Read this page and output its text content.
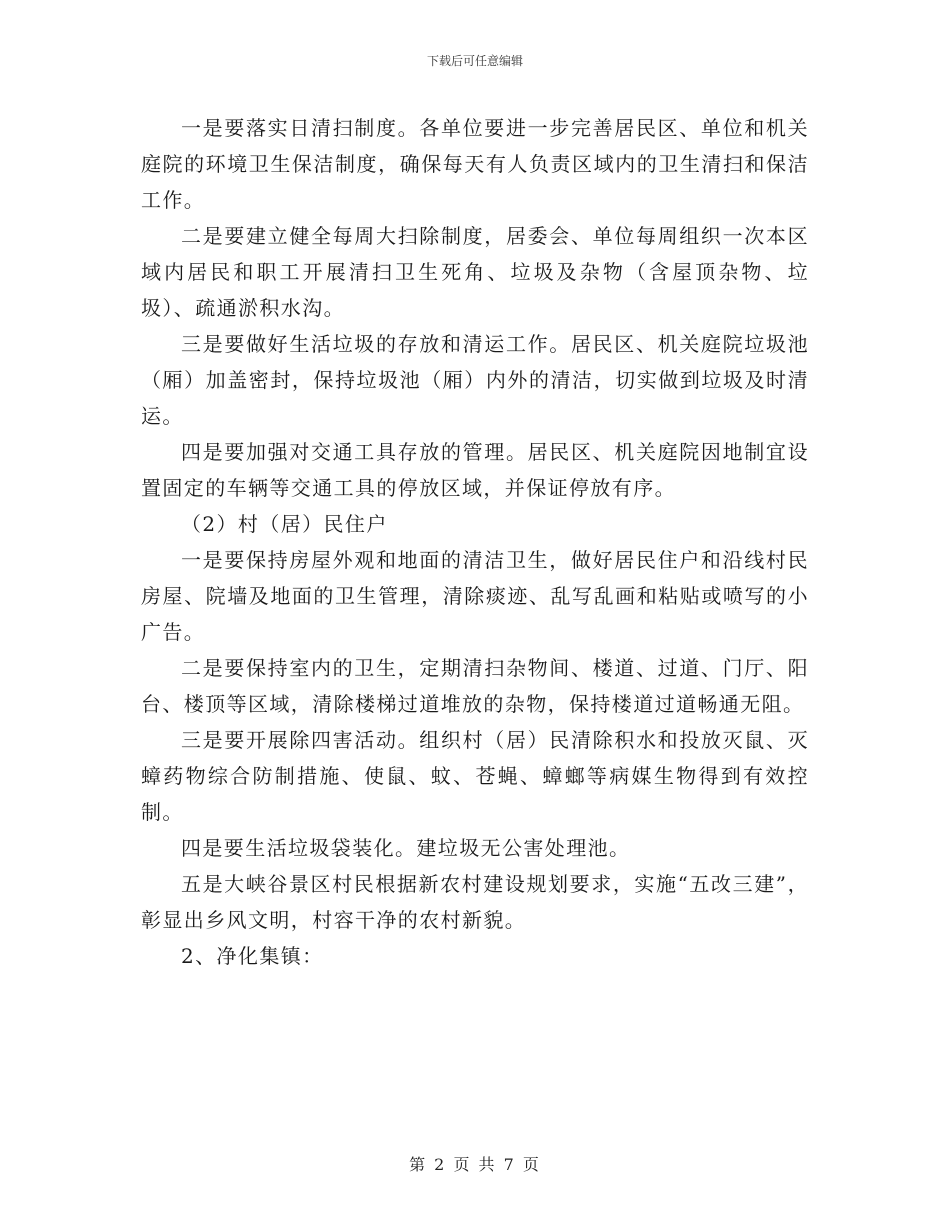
下载后可任意编辑

一是要落实日清扫制度。各单位要进一步完善居民区、单位和机关庭院的环境卫生保洁制度，确保每天有人负责区域内的卫生清扫和保洁工作。

二是要建立健全每周大扫除制度，居委会、单位每周组织一次本区域内居民和职工开展清扫卫生死角、垃圾及杂物（含屋顶杂物、垃圾）、疏通淤积水沟。

三是要做好生活垃圾的存放和清运工作。居民区、机关庭院垃圾池（厢）加盖密封，保持垃圾池（厢）内外的清洁，切实做到垃圾及时清运。

四是要加强对交通工具存放的管理。居民区、机关庭院因地制宜设置固定的车辆等交通工具的停放区域，并保证停放有序。

（2）村（居）民住户

一是要保持房屋外观和地面的清洁卫生，做好居民住户和沿线村民房屋、院墙及地面的卫生管理，清除痰迹、乱写乱画和粘贴或喷写的小广告。

二是要保持室内的卫生，定期清扫杂物间、楼道、过道、门厅、阳台、楼顶等区域，清除楼梯过道堆放的杂物，保持楼道过道畅通无阻。

三是要开展除四害活动。组织村（居）民清除积水和投放灭鼠、灭蟑药物综合防制措施、使鼠、蚊、苍蝇、蟑螂等病媒生物得到有效控制。

四是要生活垃圾袋装化。建垃圾无公害处理池。

五是大峡谷景区村民根据新农村建设规划要求，实施“五改三建”，彰显出乡风文明，村容干净的农村新貌。

2、净化集镇：

第 2 页 共 7 页
